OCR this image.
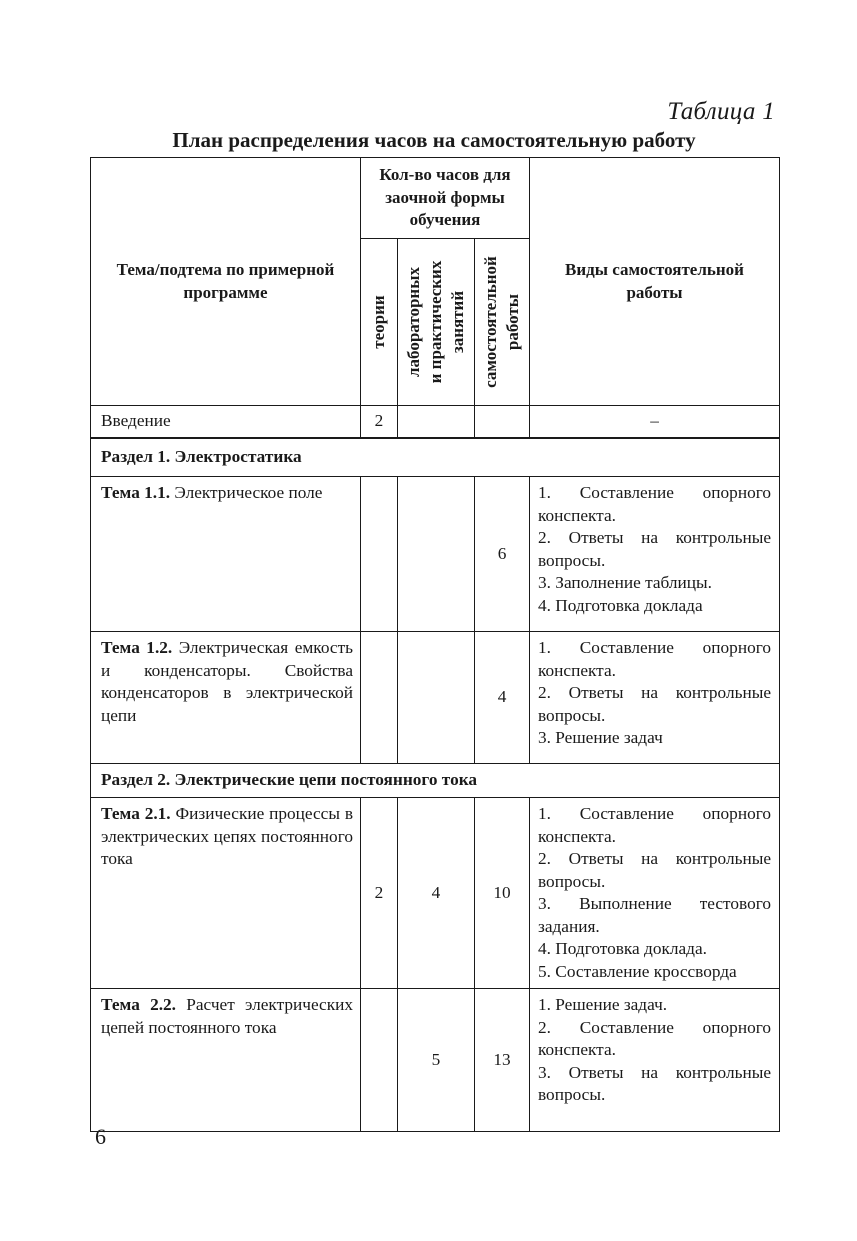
Таблица 1
План распределения часов на самостоятельную работу
Тема/подтема по примерной программе	Кол-во часов для заочной формы обучения			Виды самостоятельной работы

теории	лабораторных и практических занятий	самостоятельной работы

Введение	2			–
Раздел 1. Электростатика				
Тема 1.1. Электрическое поле			6	1. Составление опорного конспекта.
2. Ответы на контрольные вопросы.
3. Заполнение таблицы.
4. Подготовка доклада

Тема 1.2. Электрическая емкость и конденсаторы. Свойства конденсаторов в электрической цепи			4	1. Составление опорного конспекта.
2. Ответы на контрольные вопросы.
3. Решение задач

Раздел 2. Электрические цепи постоянного тока				
Тема 2.1. Физические процессы в электрических цепях постоянного тока	2	4	10	1. Составление опорного конспекта.
2. Ответы на контрольные вопросы.
3. Выполнение тестового задания.
4. Подготовка доклада.
5. Составление кроссворда

Тема 2.2. Расчет электрических цепей постоянного тока		5	13	1. Решение задач.
2. Составление опорного конспекта.
3. Ответы на контрольные вопросы.
6
